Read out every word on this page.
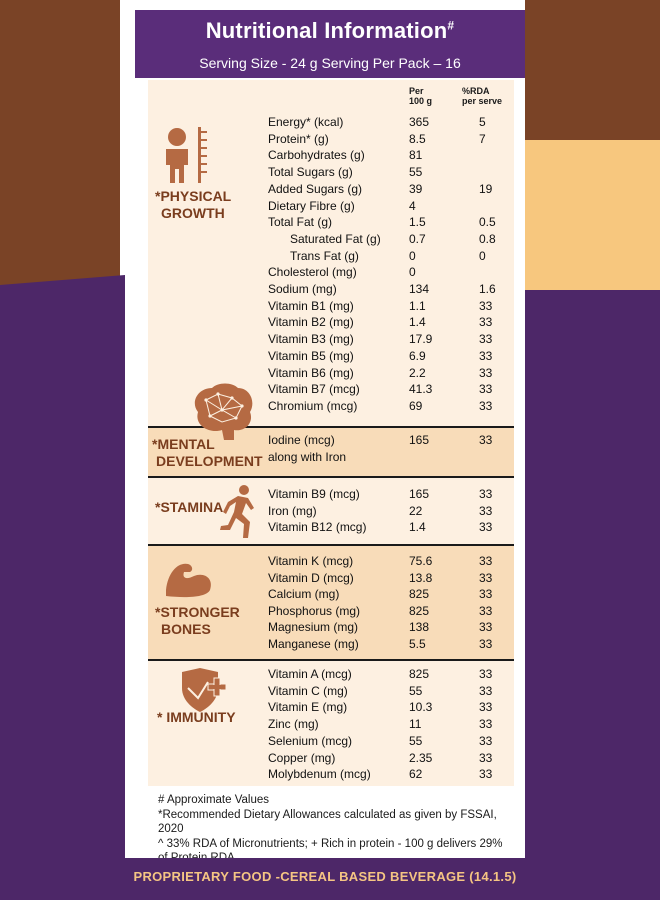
Nutritional Information#
Serving Size - 24 g Serving Per Pack – 16
Per
100 g
%RDA
per serve
*PHYSICAL
GROWTH
*MENTAL
DEVELOPMENT
*STAMINA
*STRONGER
BONES
* IMMUNITY
Energy* (kcal)	365	5
Protein* (g)	8.5	7
Carbohydrates (g)	81
Total Sugars (g)	55
Added Sugars (g)	39	19
Dietary Fibre (g)	4
Total Fat (g)	1.5	0.5
Saturated Fat (g) 0.7	0.8
Trans Fat (g)	0	0
Cholesterol (mg)	0
Sodium (mg)	134	1.6
Vitamin B1 (mg)	1.1	33
Vitamin B2 (mg)	1.4	33
Vitamin B3 (mg)	17.9	33
Vitamin B5 (mg)	6.9	33
Vitamin B6 (mg)	2.2	33
Vitamin B7 (mcg)	41.3	33
Chromium (mcg)	69	33
Iodine (mcg)	165	33
along with Iron
Vitamin B9 (mcg)	165	33
Iron (mg)	22	33
Vitamin B12 (mcg)	1.4	33
Vitamin K (mcg)	75.6	33
Vitamin D (mcg)	13.8	33
Calcium (mg)	825	33
Phosphorus (mg)	825	33
Magnesium (mg)	138	33
Manganese (mg)	5.5	33
Vitamin A (mcg)	825	33
Vitamin C (mg)	55	33
Vitamin E (mg)	10.3	33
Zinc (mg)	11	33
Selenium (mcg)	55	33
Copper (mg)	2.35	33
Molybdenum (mcg)	62	33
# Approximate Values
*Recommended Dietary Allowances calculated as given by FSSAI, 2020
^ 33% RDA of Micronutrients; + Rich in protein - 100 g delivers 29%
PROPRIETARY FOOD -CEREAL BASED BEVERAGE (14.1.5)
